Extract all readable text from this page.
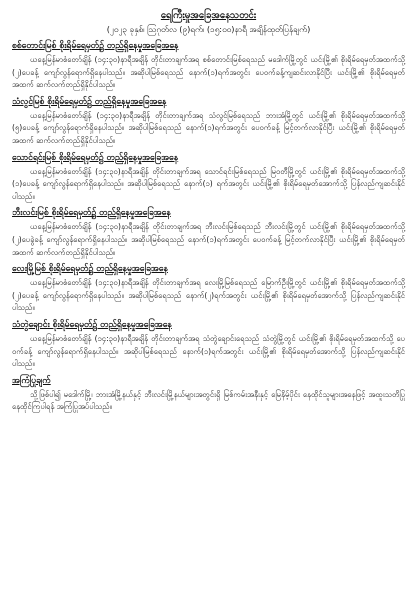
ရေကြီးမှုအခြေအနေသတင်း
(၂၀၂၃ ခုနှစ်၊ ဩဂုတ်လ (၉)ရက်၊ (၁၅:၀၀)နာရီ အချိန်ထုတ်ပြန်ချက်)
စစ်တောင်းမြစ် စိုးရိမ်ရေမှတ်၌ တည်ရှိနေမှုအခြေအနေ

ယနေ့မြန်မာစံတော်ချိန် (၁၄:၃၀)နာရီအချိန် တိုင်းတာချက်အရ စစ်တောင်းမြစ်ရေသည် မဒေါက်မြို့တွင် ယင်းမြို့၏ စိုးရိမ်ရေမှတ်အထက်သို့ (၂)ပေခန့် ကျော်လွန်ရောက်ရှိနေပါသည်။ အဆိုပါမြစ်ရေသည် နောက်(၁)ရက်အတွင်း ပေဝက်ခန့်ကျဆင်းလာနိုင်ပြီး ယင်းမြို့၏ စိုးရိမ်ရေမှတ်အထက် ဆက်လက်တည်ရှိနိုင်ပါသည်။

သံလွင်မြစ် စိုးရိမ်ရေမှတ်၌ တည်ရှိနေမှုအခြေအနေ

ယနေ့မြန်မာစံတော်ချိန် (၁၄:၃၀)နာရီအချိန် တိုင်းတာချက်အရ သံလွင်မြစ်ရေသည် ဘားအံမြို့တွင် ယင်းမြို့၏ စိုးရိမ်ရေမှတ်အထက်သို့ (၅)ပေခန့် ကျော်လွန်ရောက်ရှိနေပါသည်။ အဆိုပါမြစ်ရေသည် နောက်(၁)ရက်အတွင်း ပေဝက်ခန့် မြင့်တက်လာနိုင်ပြီး ယင်းမြို့၏ စိုးရိမ်ရေမှတ်အထက် ဆက်လက်တည်ရှိနိုင်ပါသည်။

သောင်ရင်းမြစ် စိုးရိမ်ရေမှတ်၌ တည်ရှိနေမှုအခြေအနေ

ယနေ့မြန်မာစံတော်ချိန် (၁၄:၃၀)နာရီအချိန် တိုင်းတာချက်အရ သောင်ရင်းမြစ်ရေသည် မြဝတီမြို့တွင် ယင်းမြို့၏ စိုးရိမ်ရေမှတ်အထက်သို့ (၁)ပေခန့် ကျော်လွန်ရောက်ရှိနေပါသည်။ အဆိုပါမြစ်ရေသည် နောက်(၁) ရက်အတွင်း ယင်းမြို့၏ စိုးရိမ်ရေမှတ်အောက်သို့ ပြန်လည်ကျဆင်းနိုင်ပါသည်။

ဘီးလင်းမြစ် စိုးရိမ်ရေမှတ်၌ တည်ရှိနေမှုအခြေအနေ

ယနေ့မြန်မာစံတော်ချိန် (၁၄:၃၀)နာရီအချိန် တိုင်းတာချက်အရ ဘီးလင်းမြစ်ရေသည် ဘီးလင်းမြို့တွင် ယင်းမြို့၏ စိုးရိမ်ရေမှတ်အထက်သို့ (၂)ပေခွဲခန့် ကျော်လွန်ရောက်ရှိနေပါသည်။ အဆိုပါမြစ်ရေသည် နောက်(၁)ရက်အတွင်း ပေဝက်ခန့် မြင့်တက်လာနိုင်ပြီး ယင်းမြို့၏ စိုးရိမ်ရေမှတ်အထက် ဆက်လက်တည်ရှိနိုင်ပါသည်။

လေးမြို့မြစ် စိုးရိမ်ရေမှတ်၌ တည်ရှိနေမှုအခြေအနေ

ယနေ့မြန်မာစံတော်ချိန် (၁၄:၃၀)နာရီအချိန် တိုင်းတာချက်အရ လေးမြို့မြစ်ရေသည် မြောက်ဦးမြို့တွင် ယင်းမြို့၏ စိုးရိမ်ရေမှတ်အထက်သို့ (၂)ပေခန့် ကျော်လွန်ရောက်ရှိနေပါသည်။ အဆိုပါမြစ်ရေသည် နောက်(၂)ရက်အတွင်း ယင်းမြို့၏ စိုးရိမ်ရေမှတ်အောက်သို့ ပြန်လည်ကျဆင်းနိုင်ပါသည်။

သံတွဲချောင်း စိုးရိမ်ရေမှတ်၌ တည်ရှိနေမှုအခြေအနေ

ယနေ့မြန်မာစံတော်ချိန် (၁၄:၃၀)နာရီအချိန် တိုင်းတာချက်အရ သံတွဲချောင်းရေသည် သံတွဲမြို့တွင် ယင်းမြို့၏ စိုးရိမ်ရေမှတ်အထက်သို့ ပေဝက်ခန့် ကျော်လွန်ရောက်ရှိနေပါသည်။ အဆိုပါမြစ်ရေသည် နောက်(၁)ရက်အတွင်း ယင်းမြို့၏ စိုးရိမ်ရေမှတ်အောက်သို့ ပြန်လည်ကျဆင်းနိုင်ပါသည်။

အကြံပြုချက်

သို့ဖြစ်ပါ၍ မဒေါက်မြို့၊ ဘားအံမြို့နယ်နှင့် ဘီးလင်းမြို့နယ်များအတွင်းရှိ မြစ်ကမ်းအနီးနှင့် မြေနိမ့်ပိုင်း နေထိုင်သူများအနေဖြင့် အထူးသတိပြုနေထိုင်ကြပါရန် အကြံပြုအပ်ပါသည်။
